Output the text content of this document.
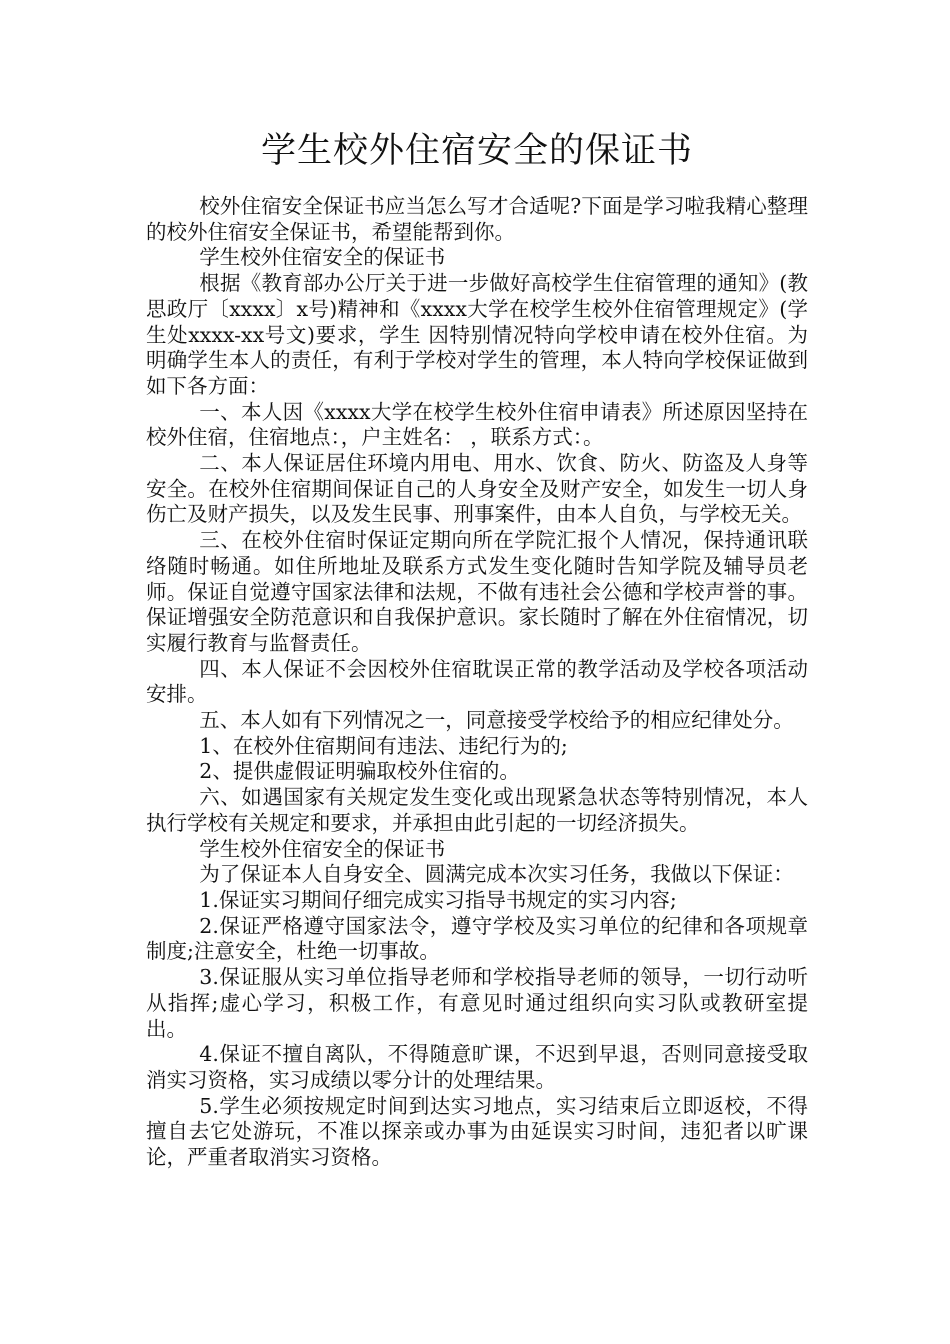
学生校外住宿安全的保证书

校外住宿安全保证书应当怎么写才合适呢?下面是学习啦我精心整理的校外住宿安全保证书，希望能帮到你。

学生校外住宿安全的保证书

根据《教育部办公厅关于进一步做好高校学生住宿管理的通知》(教思政厅〔xxxx〕x号)精神和《xxxx大学在校学生校外住宿管理规定》(学生处xxxx-xx号文)要求，学生 因特别情况特向学校申请在校外住宿。为明确学生本人的责任，有利于学校对学生的管理，本人特向学校保证做到如下各方面：

一、本人因《xxxx大学在校学生校外住宿申请表》所述原因坚持在校外住宿，住宿地点：，户主姓名： ，联系方式：。

二、本人保证居住环境内用电、用水、饮食、防火、防盗及人身等安全。在校外住宿期间保证自己的人身安全及财产安全，如发生一切人身伤亡及财产损失，以及发生民事、刑事案件，由本人自负，与学校无关。

三、在校外住宿时保证定期向所在学院汇报个人情况，保持通讯联络随时畅通。如住所地址及联系方式发生变化随时告知学院及辅导员老师。保证自觉遵守国家法律和法规，不做有违社会公德和学校声誉的事。保证增强安全防范意识和自我保护意识。家长随时了解在外住宿情况，切实履行教育与监督责任。

四、本人保证不会因校外住宿耽误正常的教学活动及学校各项活动安排。

五、本人如有下列情况之一，同意接受学校给予的相应纪律处分。

1、在校外住宿期间有违法、违纪行为的;

2、提供虚假证明骗取校外住宿的。

六、如遇国家有关规定发生变化或出现紧急状态等特别情况，本人执行学校有关规定和要求，并承担由此引起的一切经济损失。

学生校外住宿安全的保证书

为了保证本人自身安全、圆满完成本次实习任务，我做以下保证：

1.保证实习期间仔细完成实习指导书规定的实习内容;

2.保证严格遵守国家法令，遵守学校及实习单位的纪律和各项规章制度;注意安全，杜绝一切事故。

3.保证服从实习单位指导老师和学校指导老师的领导，一切行动听从指挥;虚心学习，积极工作，有意见时通过组织向实习队或教研室提出。

4.保证不擅自离队，不得随意旷课，不迟到早退，否则同意接受取消实习资格，实习成绩以零分计的处理结果。

5.学生必须按规定时间到达实习地点，实习结束后立即返校，不得擅自去它处游玩，不准以探亲或办事为由延误实习时间，违犯者以旷课论，严重者取消实习资格。
